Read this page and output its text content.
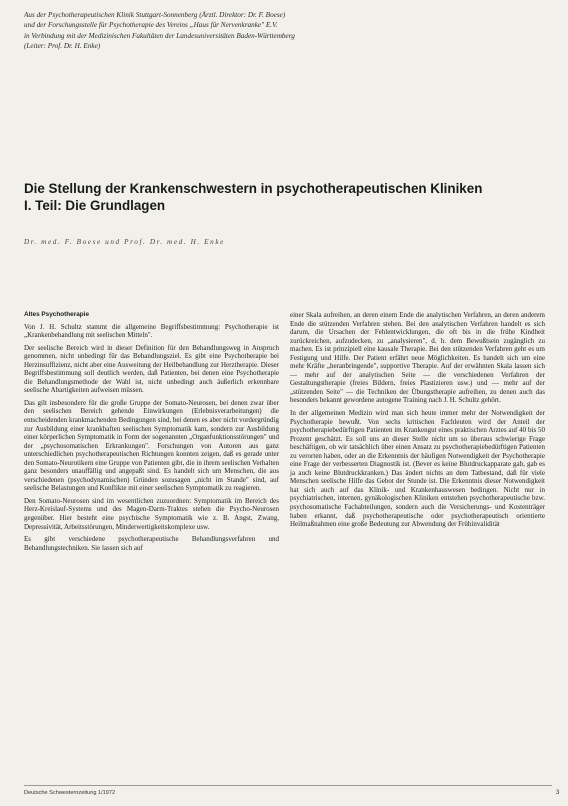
Aus der Psychotherapeutischen Klinik Stuttgart-Sonnenberg (Ärztl. Direktor: Dr. F. Boese)
und der Forschungsstelle für Psychotherapie des Vereins „Haus für Nervenkranke" E.V.
in Verbindung mit der Medizinischen Fakultäten der Landesuniversitäten Baden-Württemberg
(Leiter: Prof. Dr. H. Enke)
Die Stellung der Krankenschwestern in psychotherapeutischen Kliniken
I. Teil: Die Grundlagen
Dr. med. F. Boese und Prof. Dr. med. H. Enke
Altes Psychotherapie

Von J. H. Schultz stammt die allgemeine Begriffsbestimmung: Psychotherapie ist „Krankenbehandlung mit seelischen Mitteln".

Der seelische Bereich wird in dieser Definition für den Behandlungsweg in Anspruch genommen, nicht unbedingt für das Behandlungsziel. Es gibt eine Psychotherapie bei Herzinsuffizienz, nicht aber eine Ausweitung der Heilbehandlung zur Herztherapie. Dieser Begriffsbestimmung soll deutlich werden, daß Patienten, bei denen eine Psychotherapie die Behandlungsmethode der Wahl ist, nicht unbedingt auch äußerlich erkennbare seelische Abartigkeiten aufweisen müssen.

Das gilt insbesondere für die große Gruppe der Somato-Neurosen, bei denen zwar über den seelischen Bereich gehende Einwirkungen (Erlebnisverarbeitungen) die entscheidenden krankmachenden Bedingungen sind, bei denen es aber nicht vordergründig zur Ausbildung einer krankhaften seelischen Symptomatik kam, sondern zur Ausbildung einer körperlichen Symptomatik in Form der sogenannten „Organfunktionsstörungen" und der „psychosomatischen Erkrankungen". Forschungen von Autoren aus ganz unterschiedlichen psychotherapeutischen Richtungen konnten zeigen, daß es gerade unter den Somato-Neurotikern eine Gruppe von Patienten gibt, die in ihrem seelischen Verhalten ganz besonders unauffällig und angepaßt sind. Es handelt sich um Menschen, die aus verschiedenen (psychodynamischen) Gründen sozusagen „nicht im Stande" sind, auf seelische Belastungen und Konflikte mit einer seelischen Symptomatik zu reagieren.

Den Somato-Neurosen sind im wesentlichen zuzuordnen: Symptomatik im Bereich des Herz-Kreislauf-Systems und des Magen-Darm-Traktes stehen die Psycho-Neurosen gegenüber. Hier besteht eine psychische Symptomatik wie z. B. Angst, Zwang, Depressivität, Arbeitsstörungen, Minderwertigkeitskomplexe usw.

Es gibt verschiedene psychotherapeutische Behandlungsverfahren und Behandlungstechniken. Sie lassen sich auf

einer Skala aufreihen, an deren einem Ende die analytischen Verfahren, an deren anderem Ende die stützenden Verfahren stehen. Bei den analytischen Verfahren handelt es sich darum, die Ursachen der Fehlentwicklungen, die oft bis in die frühe Kindheit zurückreichen, aufzudecken, zu „analysieren", d. h. dem Bewußtsein zugänglich zu machen. Es ist prinzipiell eine kausale Therapie. Bei den stützenden Verfahren geht es um Festigung und Hilfe. Der Patient erfährt neue Möglichkeiten. Es handelt sich um eine mehr Kräfte „heranbringende", supportive Therapie. Auf der erwähnten Skala lassen sich — mehr auf der analytischen Seite — die verschiedenen Verfahren der Gestaltungstherapie (freies Bildern, freies Plastizieren usw.) und — mehr auf der „stützenden Seite" — die Techniken der Übungstherapie aufreihen, zu denen auch das besonders bekannt gewordene autogene Training nach J. H. Schultz gehört.

In der allgemeinen Medizin wird man sich heute immer mehr der Notwendigkeit der Psychotherapie bewußt. Von sechs kritischen Fachleuten wird der Anteil der psychotherapiebedürftigen Patienten im Krankengut eines praktischen Arztes auf 40 bis 50 Prozent geschätzt. Es soll uns an dieser Stelle nicht um so überaus schwierige Frage beschäftigen, ob wir tatsächlich über einen Ansatz zu psychotherapiebedürftigen Patienten zu verorten haben, oder an die Erkenntnis der häufigen Notwendigkeit der Psychotherapie eine Frage der verbesserten Diagnostik ist. (Bever es keine Blutdruckapparate gab, gab es ja auch keine Blutdruckkranken.) Das ändert nichts an dem Tatbestand, daß für viele Menschen seelische Hilfe das Gebot der Stunde ist. Die Erkenntnis dieser Notwendigkeit hat sich auch auf das Klinik- und Krankenhauswesen bedingen. Nicht nur in psychiatrischen, internen, gynäkologischen Kliniken entstehen psychotherapeutische bzw. psychosomatische Fachabteilungen, sondern auch die Versicherungs- und Kostenträger haben erkannt, daß psychotherapeutische oder psychotherapeutisch orientierte Heilmaßnahmen eine große Bedeutung zur Abwendung der Frühinvalidität

Deutsche Schwesternzeitung 1/1972	3
